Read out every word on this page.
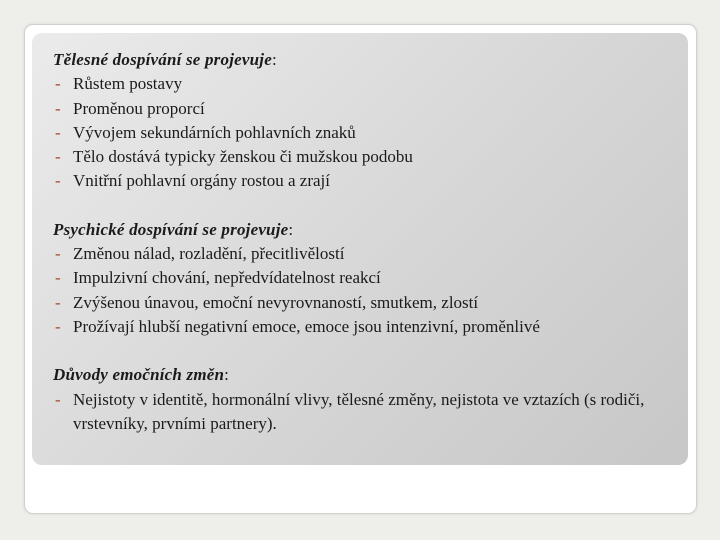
Tělesné dospívání se projevuje:

- Růstem postavy
- Proměnou proporcí
- Vývojem sekundárních pohlavních znaků
- Tělo dostává typicky ženskou či mužskou podobu
- Vnitřní pohlavní orgány rostou a zrají

Psychické dospívání se projevuje:

- Změnou nálad, rozladění, přecitlivělostí
- Impulzivní chování, nepředvídatelnost reakcí
- Zvýšenou únavou, emoční nevyrovnaností, smutkem, zlostí
- Prožívají hlubší negativní emoce, emoce jsou intenzivní, proměnlivé

Důvody emočních změn:

- Nejistoty v identitě, hormonální vlivy, tělesné změny, nejistota ve vztazích (s rodiči, vrstevníky, prvními partnery).
